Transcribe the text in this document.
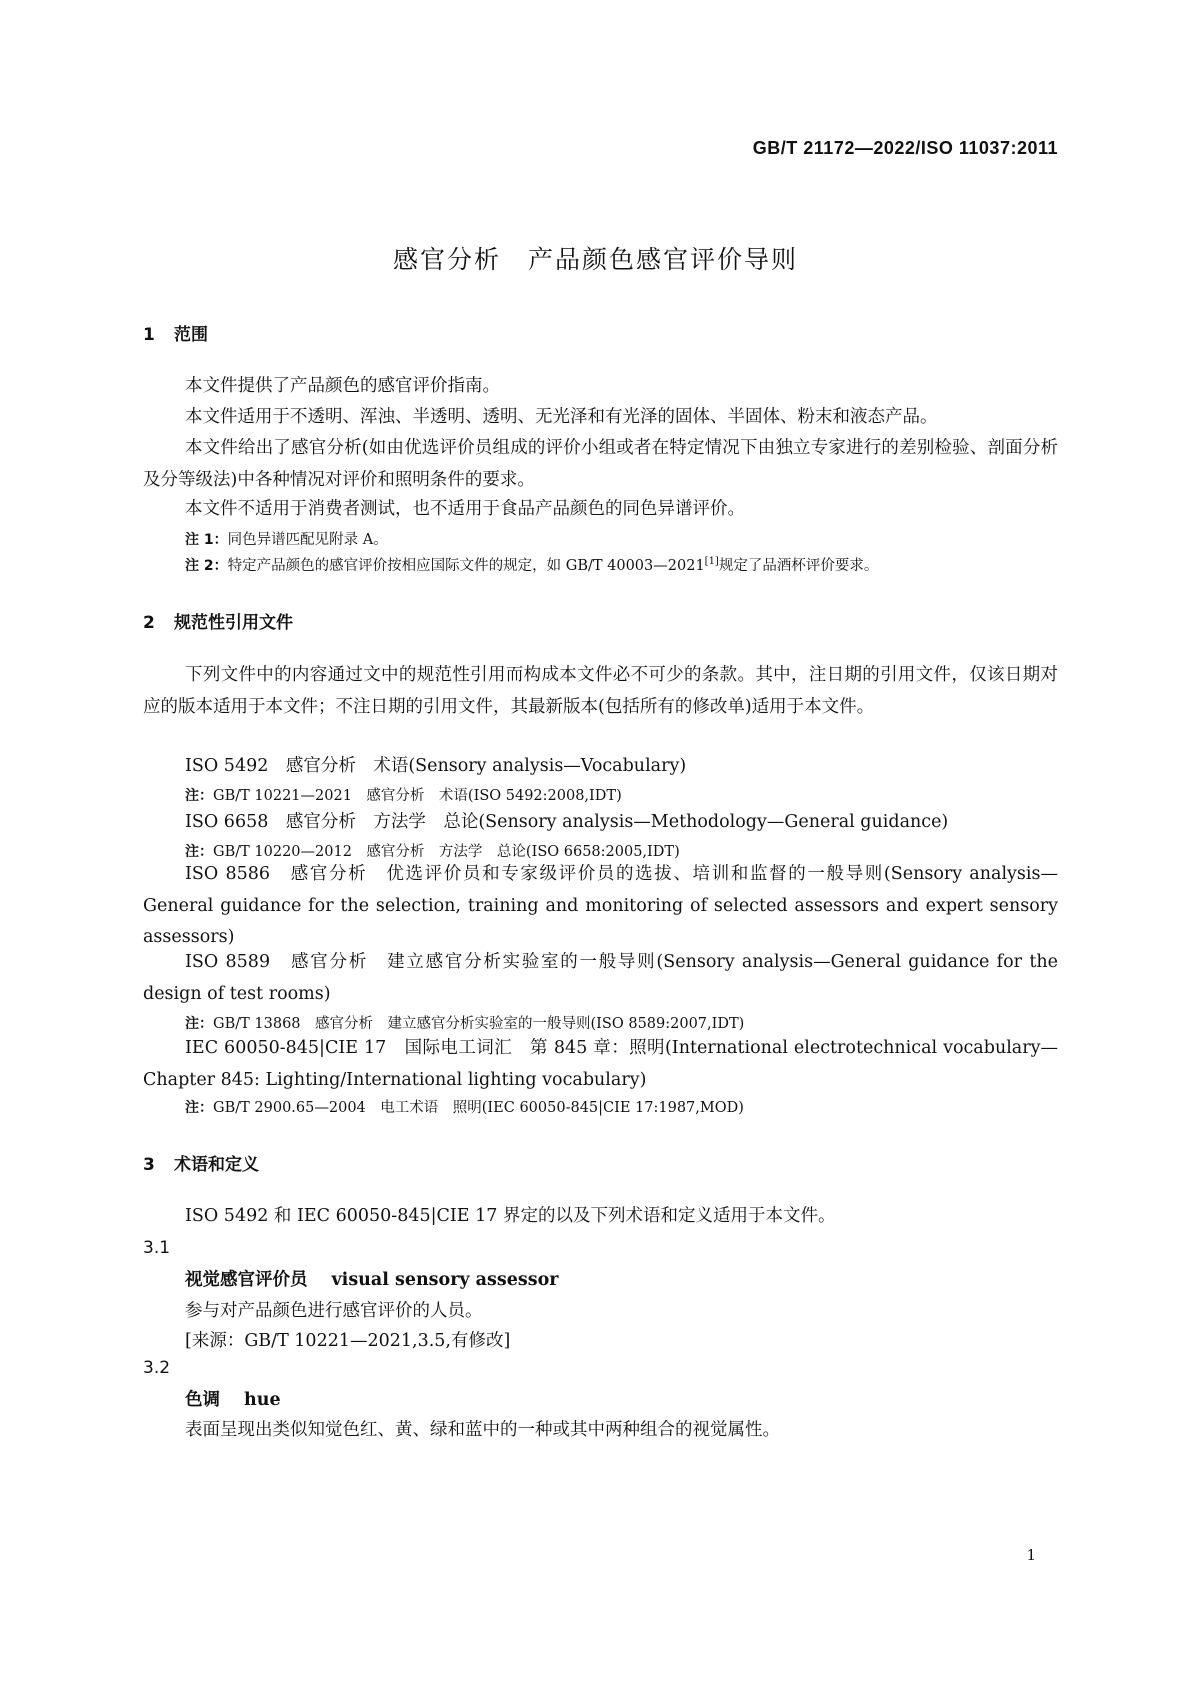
GB/T 21172—2022/ISO 11037:2011
感官分析　产品颜色感官评价导则
1 范围
本文件提供了产品颜色的感官评价指南。
本文件适用于不透明、浑浊、半透明、透明、无光泽和有光泽的固体、半固体、粉末和液态产品。
本文件给出了感官分析(如由优选评价员组成的评价小组或者在特定情况下由独立专家进行的差别检验、剖面分析及分等级法)中各种情况对评价和照明条件的要求。
本文件不适用于消费者测试，也不适用于食品产品颜色的同色异谱评价。
注 1：同色异谱匹配见附录 A。
注 2：特定产品颜色的感官评价按相应国际文件的规定，如 GB/T 40003—2021[1]规定了品酒杯评价要求。
2 规范性引用文件
下列文件中的内容通过文中的规范性引用而构成本文件必不可少的条款。其中，注日期的引用文件，仅该日期对应的版本适用于本文件；不注日期的引用文件，其最新版本(包括所有的修改单)适用于本文件。
ISO 5492　感官分析　术语(Sensory analysis—Vocabulary)
注：GB/T 10221—2021　感官分析　术语(ISO 5492:2008,IDT)
ISO 6658　感官分析　方法学　总论(Sensory analysis—Methodology—General guidance)
注：GB/T 10220—2012　感官分析　方法学　总论(ISO 6658:2005,IDT)
ISO 8586　感官分析　优选评价员和专家级评价员的选拔、培训和监督的一般导则(Sensory analysis—General guidance for the selection, training and monitoring of selected assessors and expert sensory assessors)
ISO 8589　感官分析　建立感官分析实验室的一般导则(Sensory analysis—General guidance for the design of test rooms)
注：GB/T 13868　感官分析　建立感官分析实验室的一般导则(ISO 8589:2007,IDT)
IEC 60050-845|CIE 17　国际电工词汇　第 845 章：照明(International electrotechnical vocabulary—Chapter 845: Lighting/International lighting vocabulary)
注：GB/T 2900.65—2004　电工术语　照明(IEC 60050-845|CIE 17:1987,MOD)
3 术语和定义
ISO 5492 和 IEC 60050-845|CIE 17 界定的以及下列术语和定义适用于本文件。
3.1
视觉感官评价员 visual sensory assessor
参与对产品颜色进行感官评价的人员。
[来源：GB/T 10221—2021,3.5,有修改]
3.2
色调 hue
表面呈现出类似知觉色红、黄、绿和蓝中的一种或其中两种组合的视觉属性。
1
